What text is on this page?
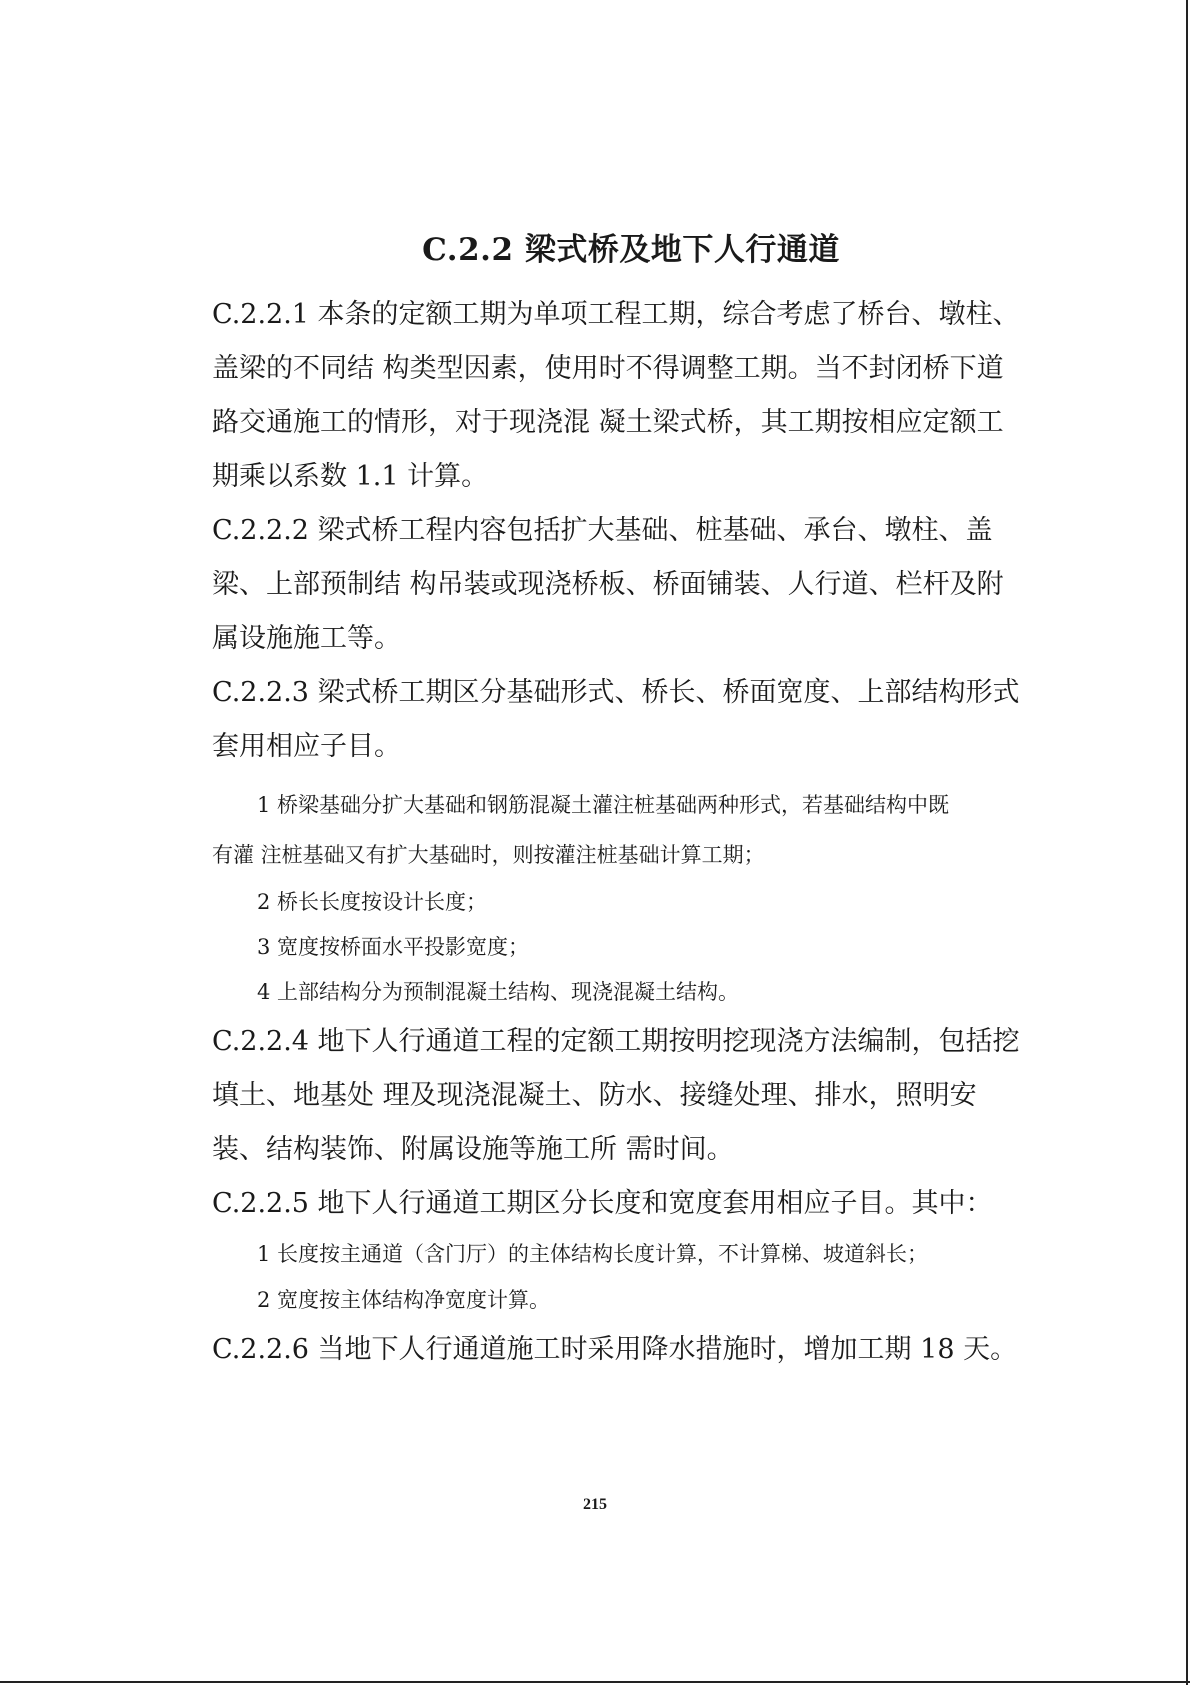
C.2.2 梁式桥及地下人行通道
C.2.2.1 本条的定额工期为单项工程工期，综合考虑了桥台、墩柱、
盖梁的不同结 构类型因素，使用时不得调整工期。当不封闭桥下道
路交通施工的情形，对于现浇混 凝土梁式桥，其工期按相应定额工
期乘以系数 1.1 计算。
C.2.2.2 梁式桥工程内容包括扩大基础、桩基础、承台、墩柱、盖
梁、上部预制结 构吊装或现浇桥板、桥面铺装、人行道、栏杆及附
属设施施工等。
C.2.2.3 梁式桥工期区分基础形式、桥长、桥面宽度、上部结构形式
套用相应子目。
1 桥梁基础分扩大基础和钢筋混凝土灌注桩基础两种形式，若基础结构中既
有灌 注桩基础又有扩大基础时，则按灌注桩基础计算工期；
2 桥长长度按设计长度；
3 宽度按桥面水平投影宽度；
4 上部结构分为预制混凝土结构、现浇混凝土结构。
C.2.2.4 地下人行通道工程的定额工期按明挖现浇方法编制，包括挖
填土、地基处 理及现浇混凝土、防水、接缝处理、排水，照明安
装、结构装饰、附属设施等施工所 需时间。
C.2.2.5 地下人行通道工期区分长度和宽度套用相应子目。其中：
1 长度按主通道（含门厅）的主体结构长度计算，不计算梯、坡道斜长；
2 宽度按主体结构净宽度计算。
C.2.2.6 当地下人行通道施工时采用降水措施时，增加工期 18 天。
215
